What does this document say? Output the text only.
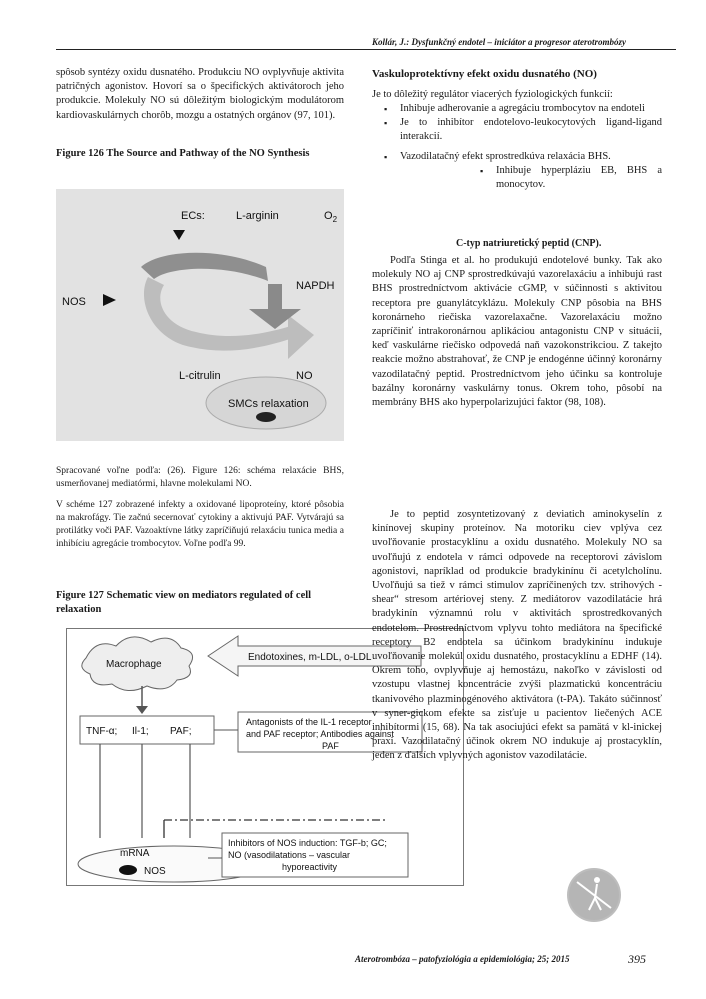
Kollár, J.: Dysfunkčný endotel – iniciátor a progresor aterotrombózy

spôsob syntézy oxidu dusnatého. Produkciu NO ovplyvňuje aktivita patričných agonistov. Hovorí sa o špecifických aktivátoroch jeho produkcie. Molekuly NO sú dôležitým biologickým modulátorom kardiovaskulárnych chorôb, mozgu a ostatných orgánov (97, 101).

Figure 126 The Source and Pathway of the NO Synthesis
ECs:	L-arginin	$O_2$
NOS
NAPDH
L-citrulin	NO
SMCs relaxation

Spracované voľne podľa: (26). Figure 126: schéma relaxácie BHS, usmerňovanej mediatórmi, hlavne molekulami NO.

V schéme 127 zobrazené infekty a oxidované lipoproteíny, ktoré pôsobia na makrofágy. Tie začnú secernovať cytokiny a aktivujú PAF. Vytvárajú sa protilátky voči PAF. Vazoaktívne látky zapríčiňujú relaxáciu tunica media a inhibíciu agregácie trombocytov. Voľne podľa 99.

Figure 127 Schematic view on mediators regulated of cell relaxation
Macrophage
Endotoxines, m-LDL, o-LDL
TNF-α; Il-1; PAF;
Antagonists of the IL-1 receptor
and PAF receptor; Antibodies against
PAF
mRNA
NOS
Inhibitors of NOS induction: TGF-b; GC;
NO (vasodilatations – vascular
hyporeactivity
Vaskuloprotektívny efekt oxidu dusnatého (NO)

Je to dôležitý regulátor viacerých fyziologických funkcií:

▪ Inhibuje adherovanie a agregáciu trombocytov na endoteli
▪ Je to inhibítor endotelovo-leukocytových ligand-ligand interakcií.
▪ Vazodilatačný efekt sprostredkúva relaxácia BHS.
▪ Inhibuje hyperpláziu EB, BHS a monocytov.
C-typ natriuretický peptid (CNP).

Podľa Stinga et al. ho produkujú endotelové bunky. Tak ako molekuly NO aj CNP sprostredkúvajú vazorelaxáciu a inhibujú rast BHS prostredníctvom aktivácie cGMP, v súčinnosti s aktivitou receptora pre guanylátcyklázu. Molekuly CNP pôsobia na BHS koronárneho riečiska vazorelaxačne. Vazorelaxáciu možno zapríčiniť intrakoronárnou aplikáciou antagonistu CNP v situácii, keď vaskulárne riečisko odpovedá naň vazokonstrikciou. Z takejto reakcie možno abstrahovať, že CNP je endogénne účinný koronárny vazodilatačný peptid. Prostredníctvom jeho účinku sa kontroluje bazálny koronárny vaskulárny tonus. Okrem toho, pôsobí na membrány BHS ako hyperpolarizujúci faktor (98, 108).

Je to peptid zosyntetizovaný z deviatich aminokyselín z kinínovej skupiny proteínov. Na motoriku ciev vplýva cez uvoľňovanie prostacyklínu a oxidu dusnatého. Molekuly NO sa uvoľňujú z endotela v rámci odpovede na receptorovi závislom agonistovi, napríklad od produkcie bradykinínu či acetylcholínu. Uvoľňujú sa tiež v rámci stimulov zapríčinených tzv. strihových - shear“ stresom artériovej steny. Z mediátorov vazodilatácie hrá bradykinín významnú rolu v aktivitách sprostredkovaných endotelom. Prostredníctvom vplyvu tohto mediátora na špecifické receptory B2 endotela sa účinkom bradykinínu indukuje uvoľňovanie molekúl oxidu dusnatého, prostacyklínu a EDHF (14). Okrem toho, ovplyvňuje aj hemostázu, nakoľko v závislosti od vzostupu vlastnej koncentrácie zvýši plazmatickú koncentráciu tkanivového plazminogénového aktivátora (t-PA). Takáto súčinnosť v syner-gickom efekte sa zisťuje u pacientov liečených ACE inhibítormi (15, 68). Na tak asociujúci efekt sa pamätá v kl-inickej praxi. Vazodilatačný účinok okrem NO indukuje aj prostacyklín, jeden z ďalších vplyvných agonistov vazodilatácie.

Aterotrombóza – patofyziológia a epidemiológia; 25; 2015	395
